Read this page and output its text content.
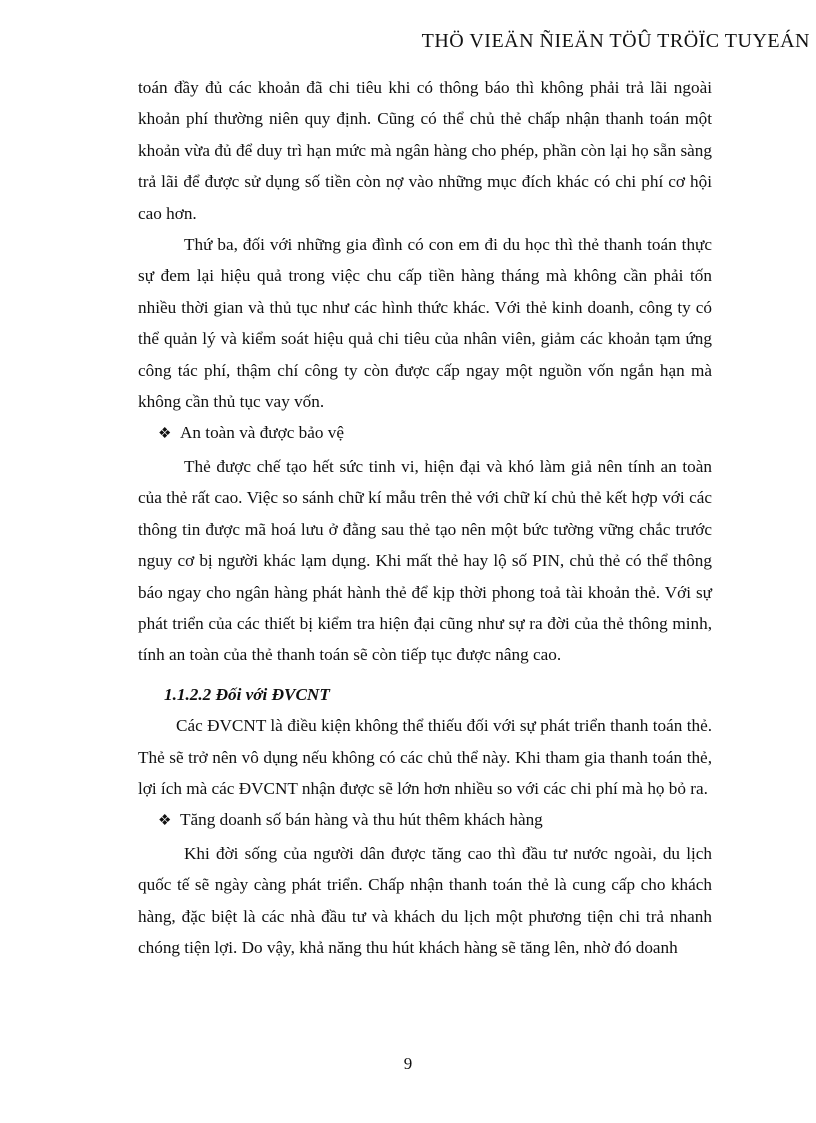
THÖ VIEÄN ÑIEÄN TÖÛ TRÖÏC TUYEÁN

toán đầy đủ các khoản đã chi tiêu khi có thông báo thì không phải trả lãi ngoài khoản phí thường niên quy định. Cũng có thể chủ thẻ chấp nhận thanh toán một khoản vừa đủ để duy trì hạn mức mà ngân hàng cho phép, phần còn lại họ sẵn sàng trả lãi để được sử dụng số tiền còn nợ vào những mục đích khác có chi phí cơ hội cao hơn.

Thứ ba, đối với những gia đình có con em đi du học thì thẻ thanh toán thực sự đem lại hiệu quả trong việc chu cấp tiền hàng tháng mà không cần phải tốn nhiều thời gian và thủ tục như các hình thức khác. Với thẻ kinh doanh, công ty có thể quản lý và kiểm soát hiệu quả chi tiêu của nhân viên, giảm các khoản tạm ứng công tác phí, thậm chí công ty còn được cấp ngay một nguồn vốn ngắn hạn mà không cần thủ tục vay vốn.

❖ An toàn và được bảo vệ

Thẻ được chế tạo hết sức tinh vi, hiện đại và khó làm giả nên tính an toàn của thẻ rất cao. Việc so sánh chữ kí mẫu trên thẻ với chữ kí chủ thẻ kết hợp với các thông tin được mã hoá lưu ở đằng sau thẻ tạo nên một bức tường vững chắc trước nguy cơ bị người khác lạm dụng. Khi mất thẻ hay lộ số PIN, chủ thẻ có thể thông báo ngay cho ngân hàng phát hành thẻ để kịp thời phong toả tài khoản thẻ. Với sự phát triển của các thiết bị kiểm tra hiện đại cũng như sự ra đời của thẻ thông minh, tính an toàn của thẻ thanh toán sẽ còn tiếp tục được nâng cao.

1.1.2.2 Đối với ĐVCNT

Các ĐVCNT là điều kiện không thể thiếu đối với sự phát triển thanh toán thẻ. Thẻ sẽ trở nên vô dụng nếu không có các chủ thể này. Khi tham gia thanh toán thẻ, lợi ích mà các ĐVCNT nhận được sẽ lớn hơn nhiều so với các chi phí mà họ bỏ ra.

❖ Tăng doanh số bán hàng và thu hút thêm khách hàng

Khi đời sống của người dân được tăng cao thì đầu tư nước ngoài, du lịch quốc tế sẽ ngày càng phát triển. Chấp nhận thanh toán thẻ là cung cấp cho khách hàng, đặc biệt là các nhà đầu tư và khách du lịch một phương tiện chi trả nhanh chóng tiện lợi. Do vậy, khả năng thu hút khách hàng sẽ tăng lên, nhờ đó doanh

9
